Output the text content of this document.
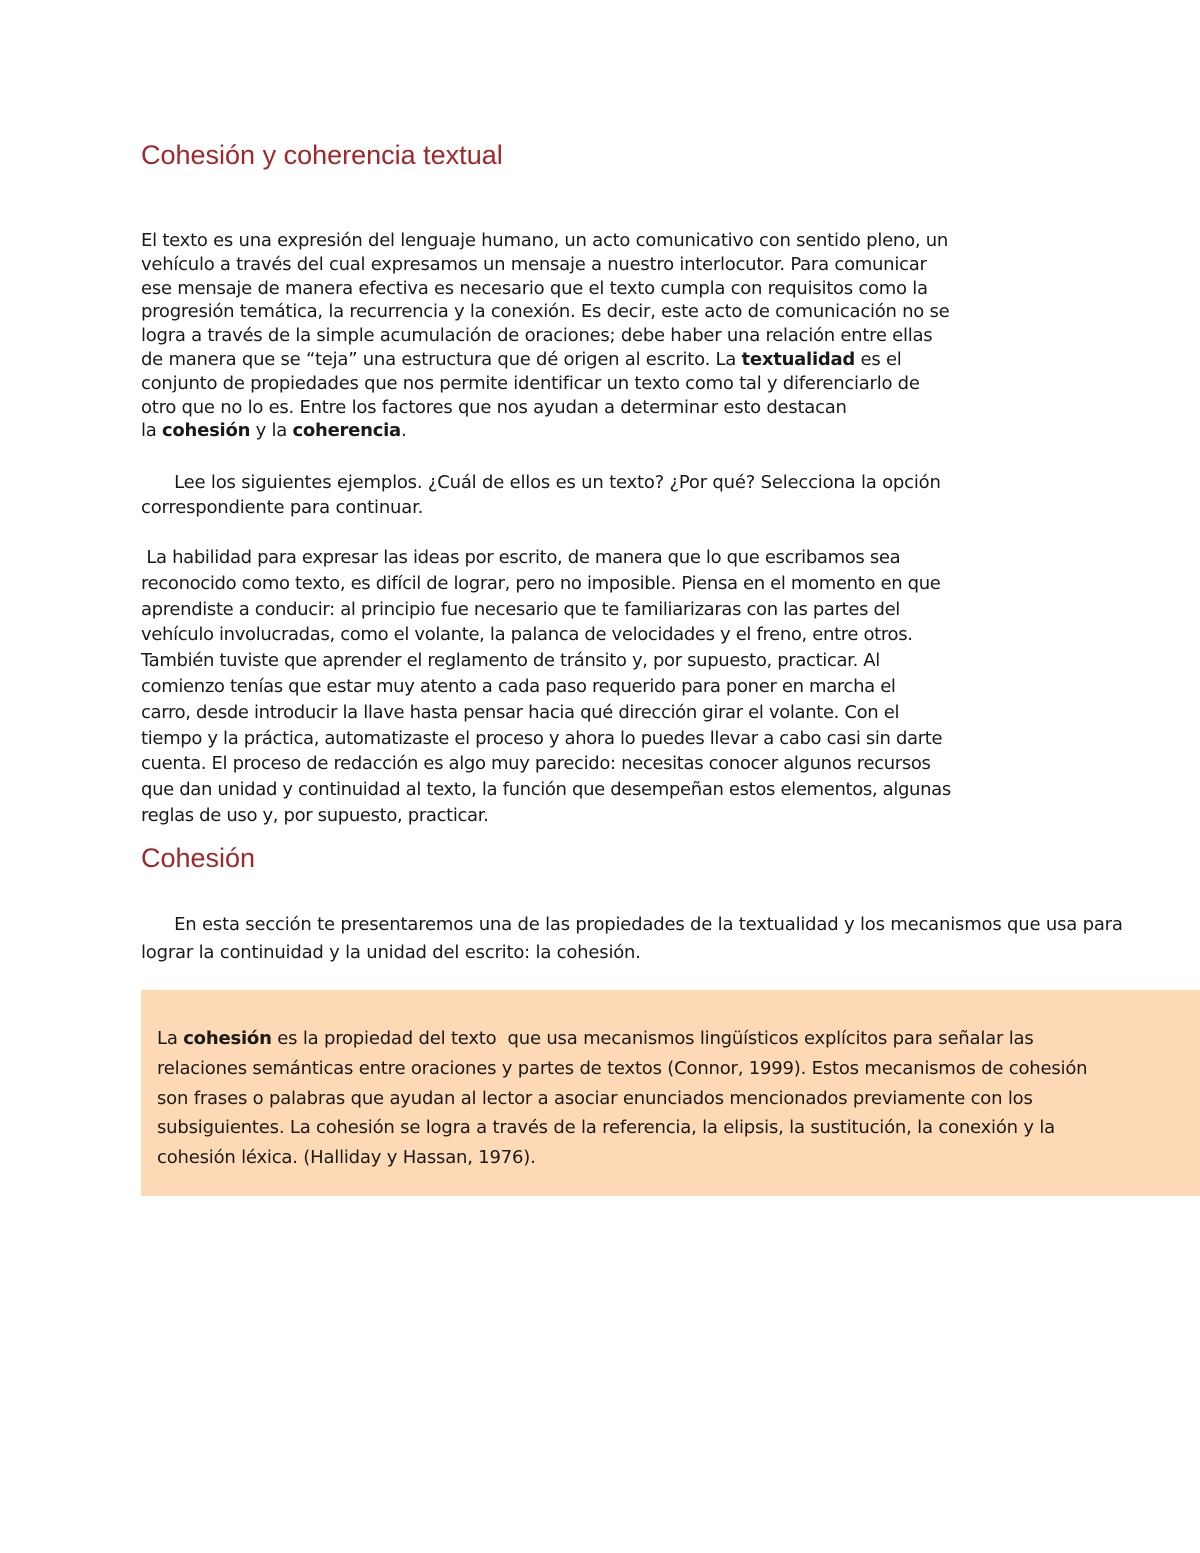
Cohesión y coherencia textual
El texto es una expresión del lenguaje humano, un acto comunicativo con sentido pleno, un
vehículo a través del cual expresamos un mensaje a nuestro interlocutor. Para comunicar
ese mensaje de manera efectiva es necesario que el texto cumpla con requisitos como la
progresión temática, la recurrencia y la conexión. Es decir, este acto de comunicación no se
logra a través de la simple acumulación de oraciones; debe haber una relación entre ellas
de manera que se “teja” una estructura que dé origen al escrito. La textualidad es el
conjunto de propiedades que nos permite identificar un texto como tal y diferenciarlo de
otro que no lo es. Entre los factores que nos ayudan a determinar esto destacan
la cohesión y la coherencia.
Lee los siguientes ejemplos. ¿Cuál de ellos es un texto? ¿Por qué? Selecciona la opción
correspondiente para continuar.
La habilidad para expresar las ideas por escrito, de manera que lo que escribamos sea
reconocido como texto, es difícil de lograr, pero no imposible. Piensa en el momento en que
aprendiste a conducir: al principio fue necesario que te familiarizaras con las partes del
vehículo involucradas, como el volante, la palanca de velocidades y el freno, entre otros.
También tuviste que aprender el reglamento de tránsito y, por supuesto, practicar. Al
comienzo tenías que estar muy atento a cada paso requerido para poner en marcha el
carro, desde introducir la llave hasta pensar hacia qué dirección girar el volante. Con el
tiempo y la práctica, automatizaste el proceso y ahora lo puedes llevar a cabo casi sin darte
cuenta. El proceso de redacción es algo muy parecido: necesitas conocer algunos recursos
que dan unidad y continuidad al texto, la función que desempeñan estos elementos, algunas
reglas de uso y, por supuesto, practicar.
Cohesión
En esta sección te presentaremos una de las propiedades de la textualidad y los mecanismos que usa para
lograr la continuidad y la unidad del escrito: la cohesión.
La cohesión es la propiedad del texto  que usa mecanismos lingüísticos explícitos para señalar las
relaciones semánticas entre oraciones y partes de textos (Connor, 1999). Estos mecanismos de cohesión
son frases o palabras que ayudan al lector a asociar enunciados mencionados previamente con los
subsiguientes. La cohesión se logra a través de la referencia, la elipsis, la sustitución, la conexión y la
cohesión léxica. (Halliday y Hassan, 1976).
